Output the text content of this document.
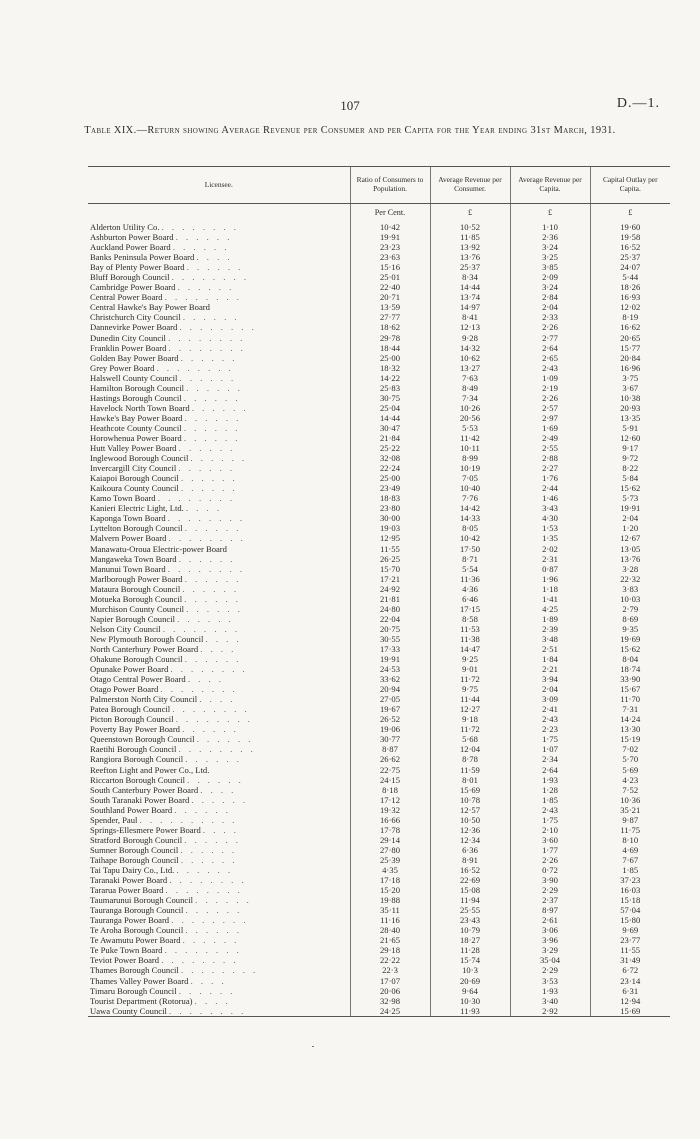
107	D.—1.
Table XIX.—Return showing Average Revenue per Consumer and per Capita for the Year ending 31st March, 1931.
Licensee.	Ratio of Consumers to Population.	Average Revenue per Consumer.	Average Revenue per Capita.	Capital Outlay per Capita.
	Per Cent.	£	£	£
Alderton Utility Co. . . . . . . . .	10·42	10·52	1·10	19·60
Ashburton Power Board . . . . . .	19·91	11·85	2·36	19·58
Auckland Power Board . . . . . .	23·23	13·92	3·24	16·52
Banks Peninsula Power Board . . . .	23·63	13·76	3·25	25·37
Bay of Plenty Power Board . . . . . .	15·16	25·37	3·85	24·07
Bluff Borough Council . . . . . . . .	25·01	8·34	2·09	5·44
Cambridge Power Board . . . . . .	22·40	14·44	3·24	18·26
Central Power Board . . . . . . . .	20·71	13·74	2·84	16·93
Central Hawke's Bay Power Board	13·59	14·97	2·04	12·02
Christchurch City Council . . . . . .	27·77	8·41	2·33	8·19
Dannevirke Power Board . . . . . . . .	18·62	12·13	2·26	16·62
Dunedin City Council . . . . . . . .	29·78	9·28	2·77	20·65
Franklin Power Board . . . . . . . .	18·44	14·32	2·64	15·77
Golden Bay Power Board . . . . . .	25·00	10·62	2·65	20·84
Grey Power Board . . . . . . . .	18·32	13·27	2·43	16·96
Halswell County Council . . . . . .	14·22	7·63	1·09	3·75
Hamilton Borough Council . . . . . .	25·83	8·49	2·19	3·67
Hastings Borough Council . . . . . .	30·75	7·34	2·26	10·38
Havelock North Town Board . . . . . .	25·04	10·26	2·57	20·93
Hawke's Bay Power Board . . . . . .	14·44	20·56	2·97	13·35
Heathcote County Council . . . . . .	30·47	5·53	1·69	5·91
Horowhenua Power Board . . . . . .	21·84	11·42	2·49	12·60
Hutt Valley Power Board . . . . . .	25·22	10·11	2·55	9·17
Inglewood Borough Council . . . . . .	32·08	8·99	2·88	9·72
Invercargill City Council . . . . . .	22·24	10·19	2·27	8·22
Kaiapoi Borough Council . . . . . .	25·00	7·05	1·76	5·84
Kaikoura County Council . . . . . .	23·49	10·40	2·44	15·62
Kamo Town Board . . . . . . . .	18·83	7·76	1·46	5·73
Kanieri Electric Light, Ltd. . . . .	23·80	14·42	3·43	19·91
Kaponga Town Board . . . . . . . .	30·00	14·33	4·30	2·04
Lyttelton Borough Council . . . . . .	19·03	8·05	1·53	1·20
Malvern Power Board . . . . . . . .	12·95	10·42	1·35	12·67
Manawatu-Oroua Electric-power Board	11·55	17·50	2·02	13·05
Mangaweka Town Board . . . . . .	26·25	8·71	2·31	13·76
Manunui Town Board . . . . . . . .	15·70	5·54	0·87	3·28
Marlborough Power Board . . . . . .	17·21	11·36	1·96	22·32
Mataura Borough Council . . . . . .	24·92	4·36	1·18	3·83
Motueka Borough Council . . . . . .	21·81	6·46	1·41	10·03
Murchison County Council . . . . . .	24·80	17·15	4·25	2·79
Napier Borough Council . . . . . .	22·04	8·58	1·89	8·69
Nelson City Council . . . . . . . .	20·75	11·53	2·39	9·35
New Plymouth Borough Council . . . .	30·55	11·38	3·48	19·69
North Canterbury Power Board . . . .	17·33	14·47	2·51	15·62
Ohakune Borough Council . . . . . .	19·91	9·25	1·84	8·04
Opunake Power Board . . . . . . . .	24·53	9·01	2·21	18·74
Otago Central Power Board . . . .	33·62	11·72	3·94	33·90
Otago Power Board . . . . . . . .	20·94	9·75	2·04	15·67
Palmerston North City Council . . . .	27·05	11·44	3·09	11·70
Patea Borough Council . . . . . . . .	19·67	12·27	2·41	7·31
Picton Borough Council . . . . . . . .	26·52	9·18	2·43	14·24
Poverty Bay Power Board . . . . . .	19·06	11·72	2·23	13·30
Queenstown Borough Council . . . . . .	30·77	5·68	1·75	15·19
Raetihi Borough Council . . . . . . . .	8·87	12·04	1·07	7·02
Rangiora Borough Council . . . . . .	26·62	8·78	2·34	5·70
Reefton Light and Power Co., Ltd.	22·75	11·59	2·64	5·69
Riccarton Borough Council . . . . . .	24·15	8·01	1·93	4·23
South Canterbury Power Board . . . .	8·18	15·69	1·28	7·52
South Taranaki Power Board . . . . . .	17·12	10·78	1·85	10·36
Southland Power Board . . . . . .	19·32	12·57	2·43	35·21
Spender, Paul . . . . . . . . . .	16·66	10·50	1·75	9·87
Springs-Ellesmere Power Board . . . .	17·78	12·36	2·10	11·75
Stratford Borough Council . . . . . .	29·14	12·34	3·60	8·10
Sumner Borough Council . . . . . .	27·80	6·36	1·77	4·69
Taihape Borough Council . . . . . .	25·39	8·91	2·26	7·67
Tai Tapu Dairy Co., Ltd. . . . . . .	4·35	16·52	0·72	1·85
Taranaki Power Board . . . . . . . .	17·18	22·69	3·90	37·23
Tararua Power Board . . . . . . . .	15·20	15·08	2·29	16·03
Taumarunui Borough Council . . . . . .	19·88	11·94	2·37	15·18
Tauranga Borough Council . . . . . .	35·11	25·55	8·97	57·04
Tauranga Power Board . . . . . . . .	11·16	23·43	2·61	15·80
Te Aroha Borough Council . . . . . .	28·40	10·79	3·06	9·69
Te Awamutu Power Board . . . . . .	21·65	18·27	3·96	23·77
Te Puke Town Board . . . . . . . .	29·18	11·28	3·29	11·55
Teviot Power Board . . . . . . . .	22·22	15·74	35·04	31·49
Thames Borough Council . . . . . . . .	22·3	10·3	2·29	6·72
Thames Valley Power Board . . . .	17·07	20·69	3·53	23·14
Timaru Borough Council . . . . . .	20·06	9·64	1·93	6·31
Tourist Department (Rotorua) . . . .	32·98	10·30	3·40	12·94
Uawa County Council . . . . . . . .	24·25	11·93	2·92	15·69
